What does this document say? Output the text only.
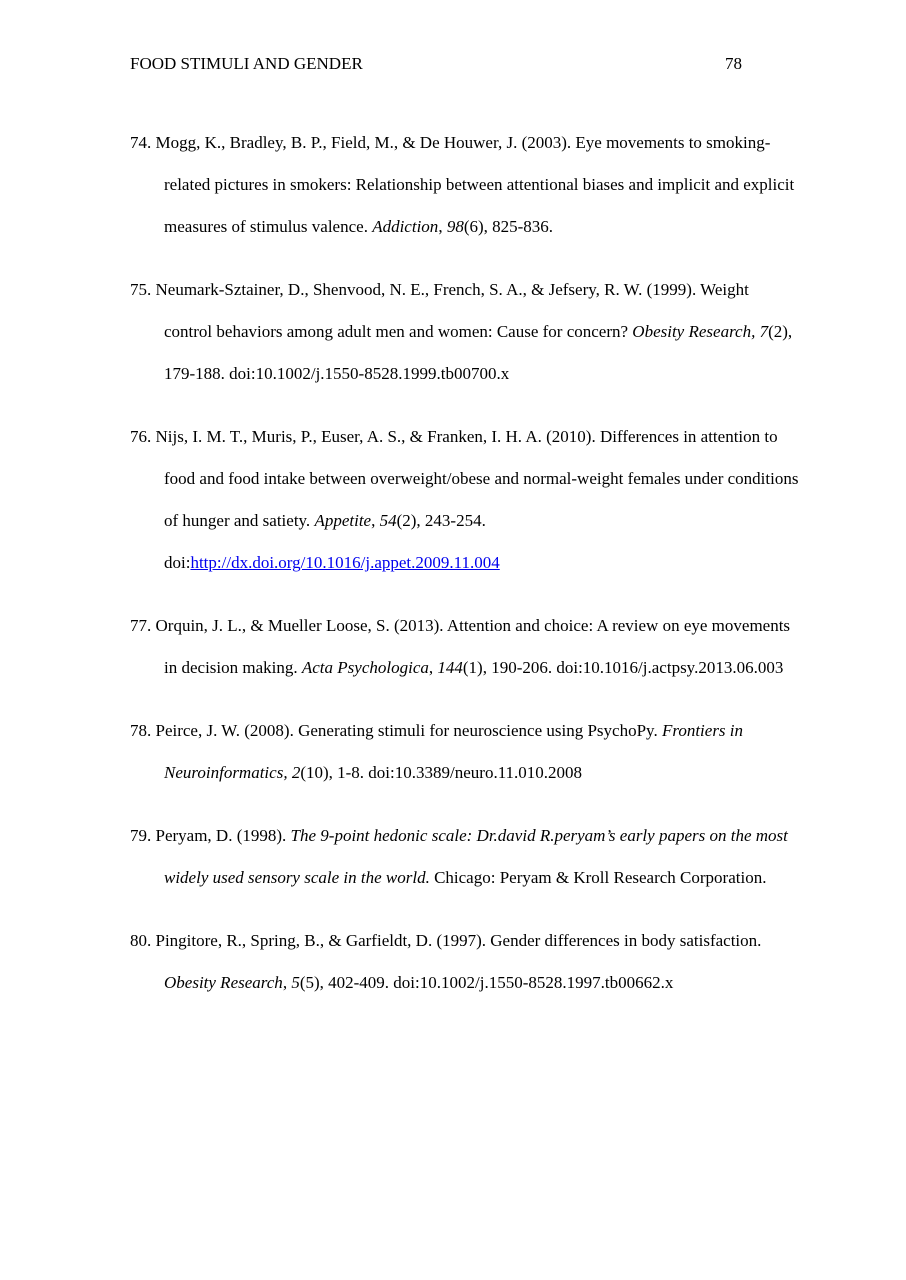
FOOD STIMULI AND GENDER	78

74. Mogg, K., Bradley, B. P., Field, M., & De Houwer, J. (2003). Eye movements to smoking-related pictures in smokers: Relationship between attentional biases and implicit and explicit measures of stimulus valence. Addiction, 98(6), 825-836.

75. Neumark-Sztainer, D., Shenvood, N. E., French, S. A., & Jefsery, R. W. (1999). Weight control behaviors among adult men and women: Cause for concern? Obesity Research, 7(2), 179-188. doi:10.1002/j.1550-8528.1999.tb00700.x

76. Nijs, I. M. T., Muris, P., Euser, A. S., & Franken, I. H. A. (2010). Differences in attention to food and food intake between overweight/obese and normal-weight females under conditions of hunger and satiety. Appetite, 54(2), 243-254. doi:http://dx.doi.org/10.1016/j.appet.2009.11.004

77. Orquin, J. L., & Mueller Loose, S. (2013). Attention and choice: A review on eye movements in decision making. Acta Psychologica, 144(1), 190-206. doi:10.1016/j.actpsy.2013.06.003

78. Peirce, J. W. (2008). Generating stimuli for neuroscience using PsychoPy. Frontiers in Neuroinformatics, 2(10), 1-8. doi:10.3389/neuro.11.010.2008

79. Peryam, D. (1998). The 9-point hedonic scale: Dr.david R.peryam’s early papers on the most widely used sensory scale in the world. Chicago: Peryam & Kroll Research Corporation.

80. Pingitore, R., Spring, B., & Garfieldt, D. (1997). Gender differences in body satisfaction. Obesity Research, 5(5), 402-409. doi:10.1002/j.1550-8528.1997.tb00662.x
